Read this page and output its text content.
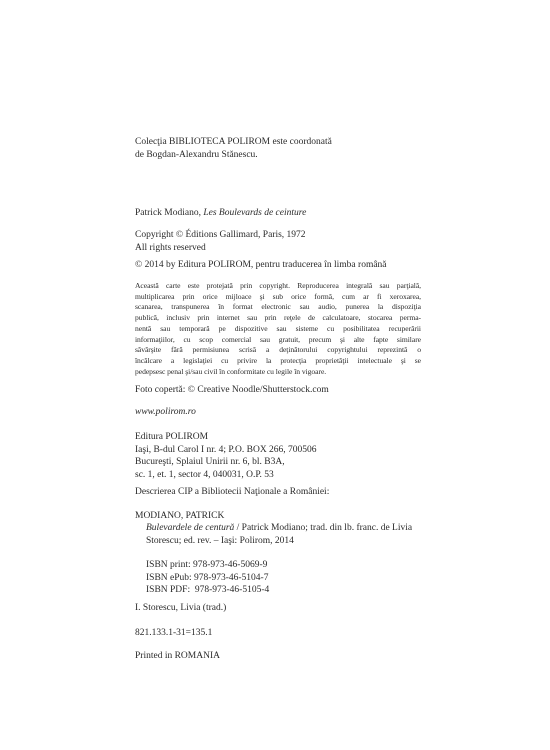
Colecţia BIBLIOTECA POLIROM este coordonată
de Bogdan-Alexandru Stănescu.
Patrick Modiano, Les Boulevards de ceinture
Copyright © Éditions Gallimard, Paris, 1972
All rights reserved
© 2014 by Editura POLIROM, pentru traducerea în limba română
Această carte este protejată prin copyright. Reproducerea integrală sau parţială,
multiplicarea prin orice mijloace şi sub orice formă, cum ar fi xeroxarea,
scanarea, transpunerea în format electronic sau audio, punerea la dispoziţia
publică, inclusiv prin internet sau prin reţele de calculatoare, stocarea perma-
nentă sau temporară pe dispozitive sau sisteme cu posibilitatea recuperării
informaţiilor, cu scop comercial sau gratuit, precum şi alte fapte similare
săvârşite fără permisiunea scrisă a deţinătorului copyrightului reprezintă o
încălcare a legislaţiei cu privire la protecţia proprietăţii intelectuale şi se
pedepsesc penal şi/sau civil în conformitate cu legile în vigoare.
Foto copertă: © Creative Noodle/Shutterstock.com
www.polirom.ro
Editura POLIROM
Iaşi, B-dul Carol I nr. 4; P.O. BOX 266, 700506
Bucureşti, Splaiul Unirii nr. 6, bl. B3A,
sc. 1, et. 1, sector 4, 040031, O.P. 53
Descrierea CIP a Bibliotecii Naţionale a României:
MODIANO, PATRICK
Bulevardele de centură / Patrick Modiano; trad. din lb. franc. de Livia Storescu; ed. rev. – Iaşi: Polirom, 2014
ISBN print: 978-973-46-5069-9
ISBN ePub: 978-973-46-5104-7
ISBN PDF:  978-973-46-5105-4
I. Storescu, Livia (trad.)
821.133.1-31=135.1
Printed in ROMANIA
